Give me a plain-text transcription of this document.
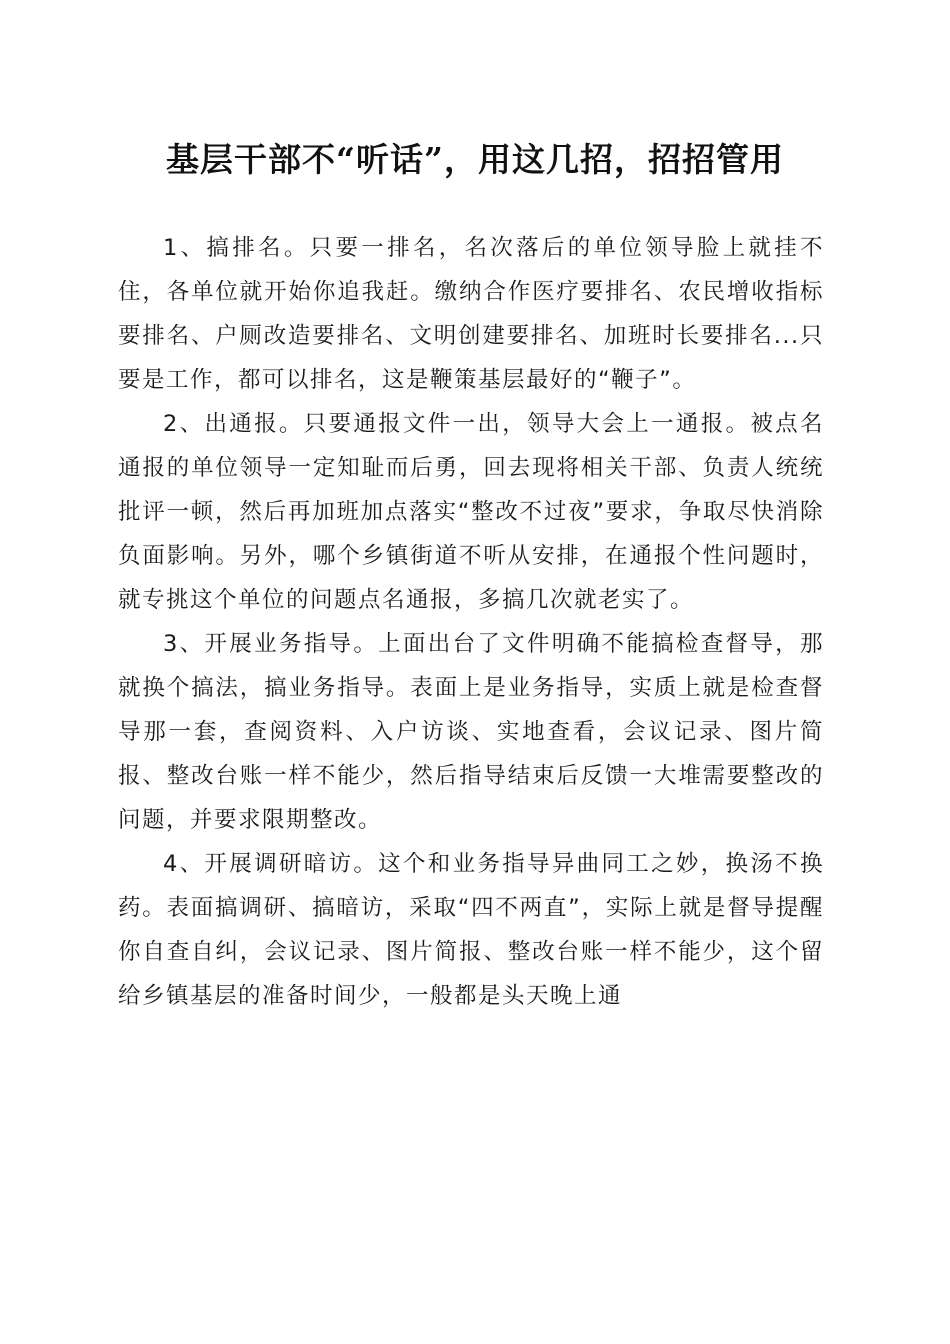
基层干部不“听话”，用这几招，招招管用

1、搞排名。只要一排名，名次落后的单位领导脸上就挂不住，各单位就开始你追我赶。缴纳合作医疗要排名、农民增收指标要排名、户厕改造要排名、文明创建要排名、加班时长要排名...只要是工作，都可以排名，这是鞭策基层最好的“鞭子”。

2、出通报。只要通报文件一出，领导大会上一通报。被点名通报的单位领导一定知耻而后勇，回去现将相关干部、负责人统统批评一顿，然后再加班加点落实“整改不过夜”要求，争取尽快消除负面影响。另外，哪个乡镇街道不听从安排，在通报个性问题时，就专挑这个单位的问题点名通报，多搞几次就老实了。

3、开展业务指导。上面出台了文件明确不能搞检查督导，那就换个搞法，搞业务指导。表面上是业务指导，实质上就是检查督导那一套，查阅资料、入户访谈、实地查看，会议记录、图片简报、整改台账一样不能少，然后指导结束后反馈一大堆需要整改的问题，并要求限期整改。

4、开展调研暗访。这个和业务指导异曲同工之妙，换汤不换药。表面搞调研、搞暗访，采取“四不两直”，实际上就是督导提醒你自查自纠，会议记录、图片简报、整改台账一样不能少，这个留给乡镇基层的准备时间少，一般都是头天晚上通
